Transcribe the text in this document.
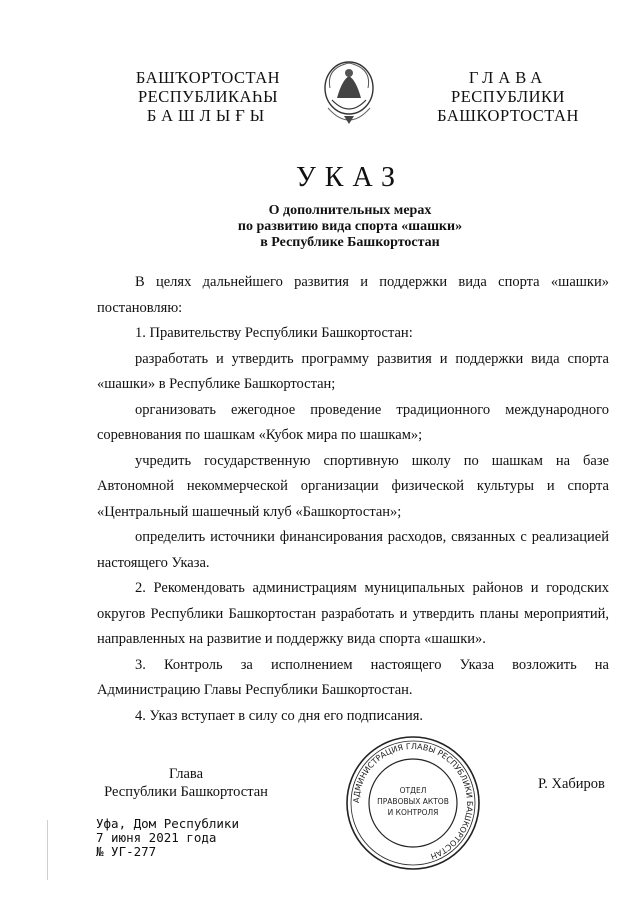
БАШҠОРТОСТАН
РЕСПУБЛИКАҺЫ
БАШЛЫҒЫ
ГЛАВА
РЕСПУБЛИКИ
БАШКОРТОСТАН
УКАЗ
О дополнительных мерах
по развитию вида спорта «шашки»
в Республике Башкортостан

В целях дальнейшего развития и поддержки вида спорта «шашки» постановляю:

1. Правительству Республики Башкортостан:

разработать и утвердить программу развития и поддержки вида спорта «шашки» в Республике Башкортостан;

организовать ежегодное проведение традиционного международного соревнования по шашкам «Кубок мира по шашкам»;

учредить государственную спортивную школу по шашкам на базе Автономной некоммерческой организации физической культуры и спорта «Центральный шашечный клуб «Башкортостан»;

определить источники финансирования расходов, связанных с реализацией настоящего Указа.

2. Рекомендовать администрациям муниципальных районов и городских округов Республики Башкортостан разработать и утвердить планы мероприятий, направленных на развитие и поддержку вида спорта «шашки».

3. Контроль за исполнением настоящего Указа возложить на Администрацию Главы Республики Башкортостан.

4. Указ вступает в силу со дня его подписания.

Глава
Республики Башкортостан
АДМИНИСТРАЦИЯ ГЛАВЫ РЕСПУБЛИКИ БАШКОРТОСТАН
ОТДЕЛ
ПРАВОВЫХ АКТОВ
И КОНТРОЛЯ
Р. Хабиров
Уфа, Дом Республики
7 июня 2021 года
№ УГ-277
